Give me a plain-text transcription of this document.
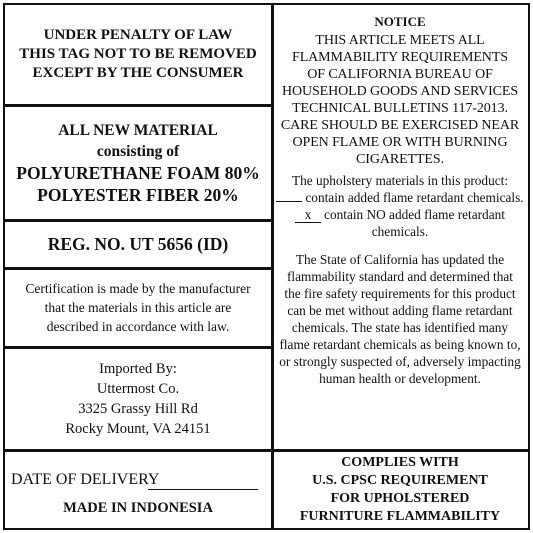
UNDER PENALTY OF LAW
THIS TAG NOT TO BE REMOVED
EXCEPT BY THE CONSUMER
ALL NEW MATERIAL
consisting of
POLYURETHANE FOAM 80%
POLYESTER FIBER 20%
REG. NO. UT 5656 (ID)
Certification is made by the manufacturer
that the materials in this article are
described in accordance with law.
Imported By:
Uttermost Co.
3325 Grassy Hill Rd
Rocky Mount, VA 24151
DATE OF DELIVERY
MADE IN INDONESIA
NOTICE
THIS ARTICLE MEETS ALL
FLAMMABILITY REQUIREMENTS
OF CALIFORNIA BUREAU OF
HOUSEHOLD GOODS AND SERVICES
TECHNICAL BULLETINS 117-2013.
CARE SHOULD BE EXERCISED NEAR
OPEN FLAME OR WITH BURNING
CIGARETTES.
The upholstery materials in this product:
contain added flame retardant chemicals.
x contain NO added flame retardant
chemicals.
The State of California has updated the
flammability standard and determined that
the fire safety requirements for this product
can be met without adding flame retardant
chemicals. The state has identified many
flame retardant chemicals as being known to,
or strongly suspected of, adversely impacting
human health or development.
COMPLIES WITH
U.S. CPSC REQUIREMENT
FOR UPHOLSTERED
FURNITURE FLAMMABILITY
